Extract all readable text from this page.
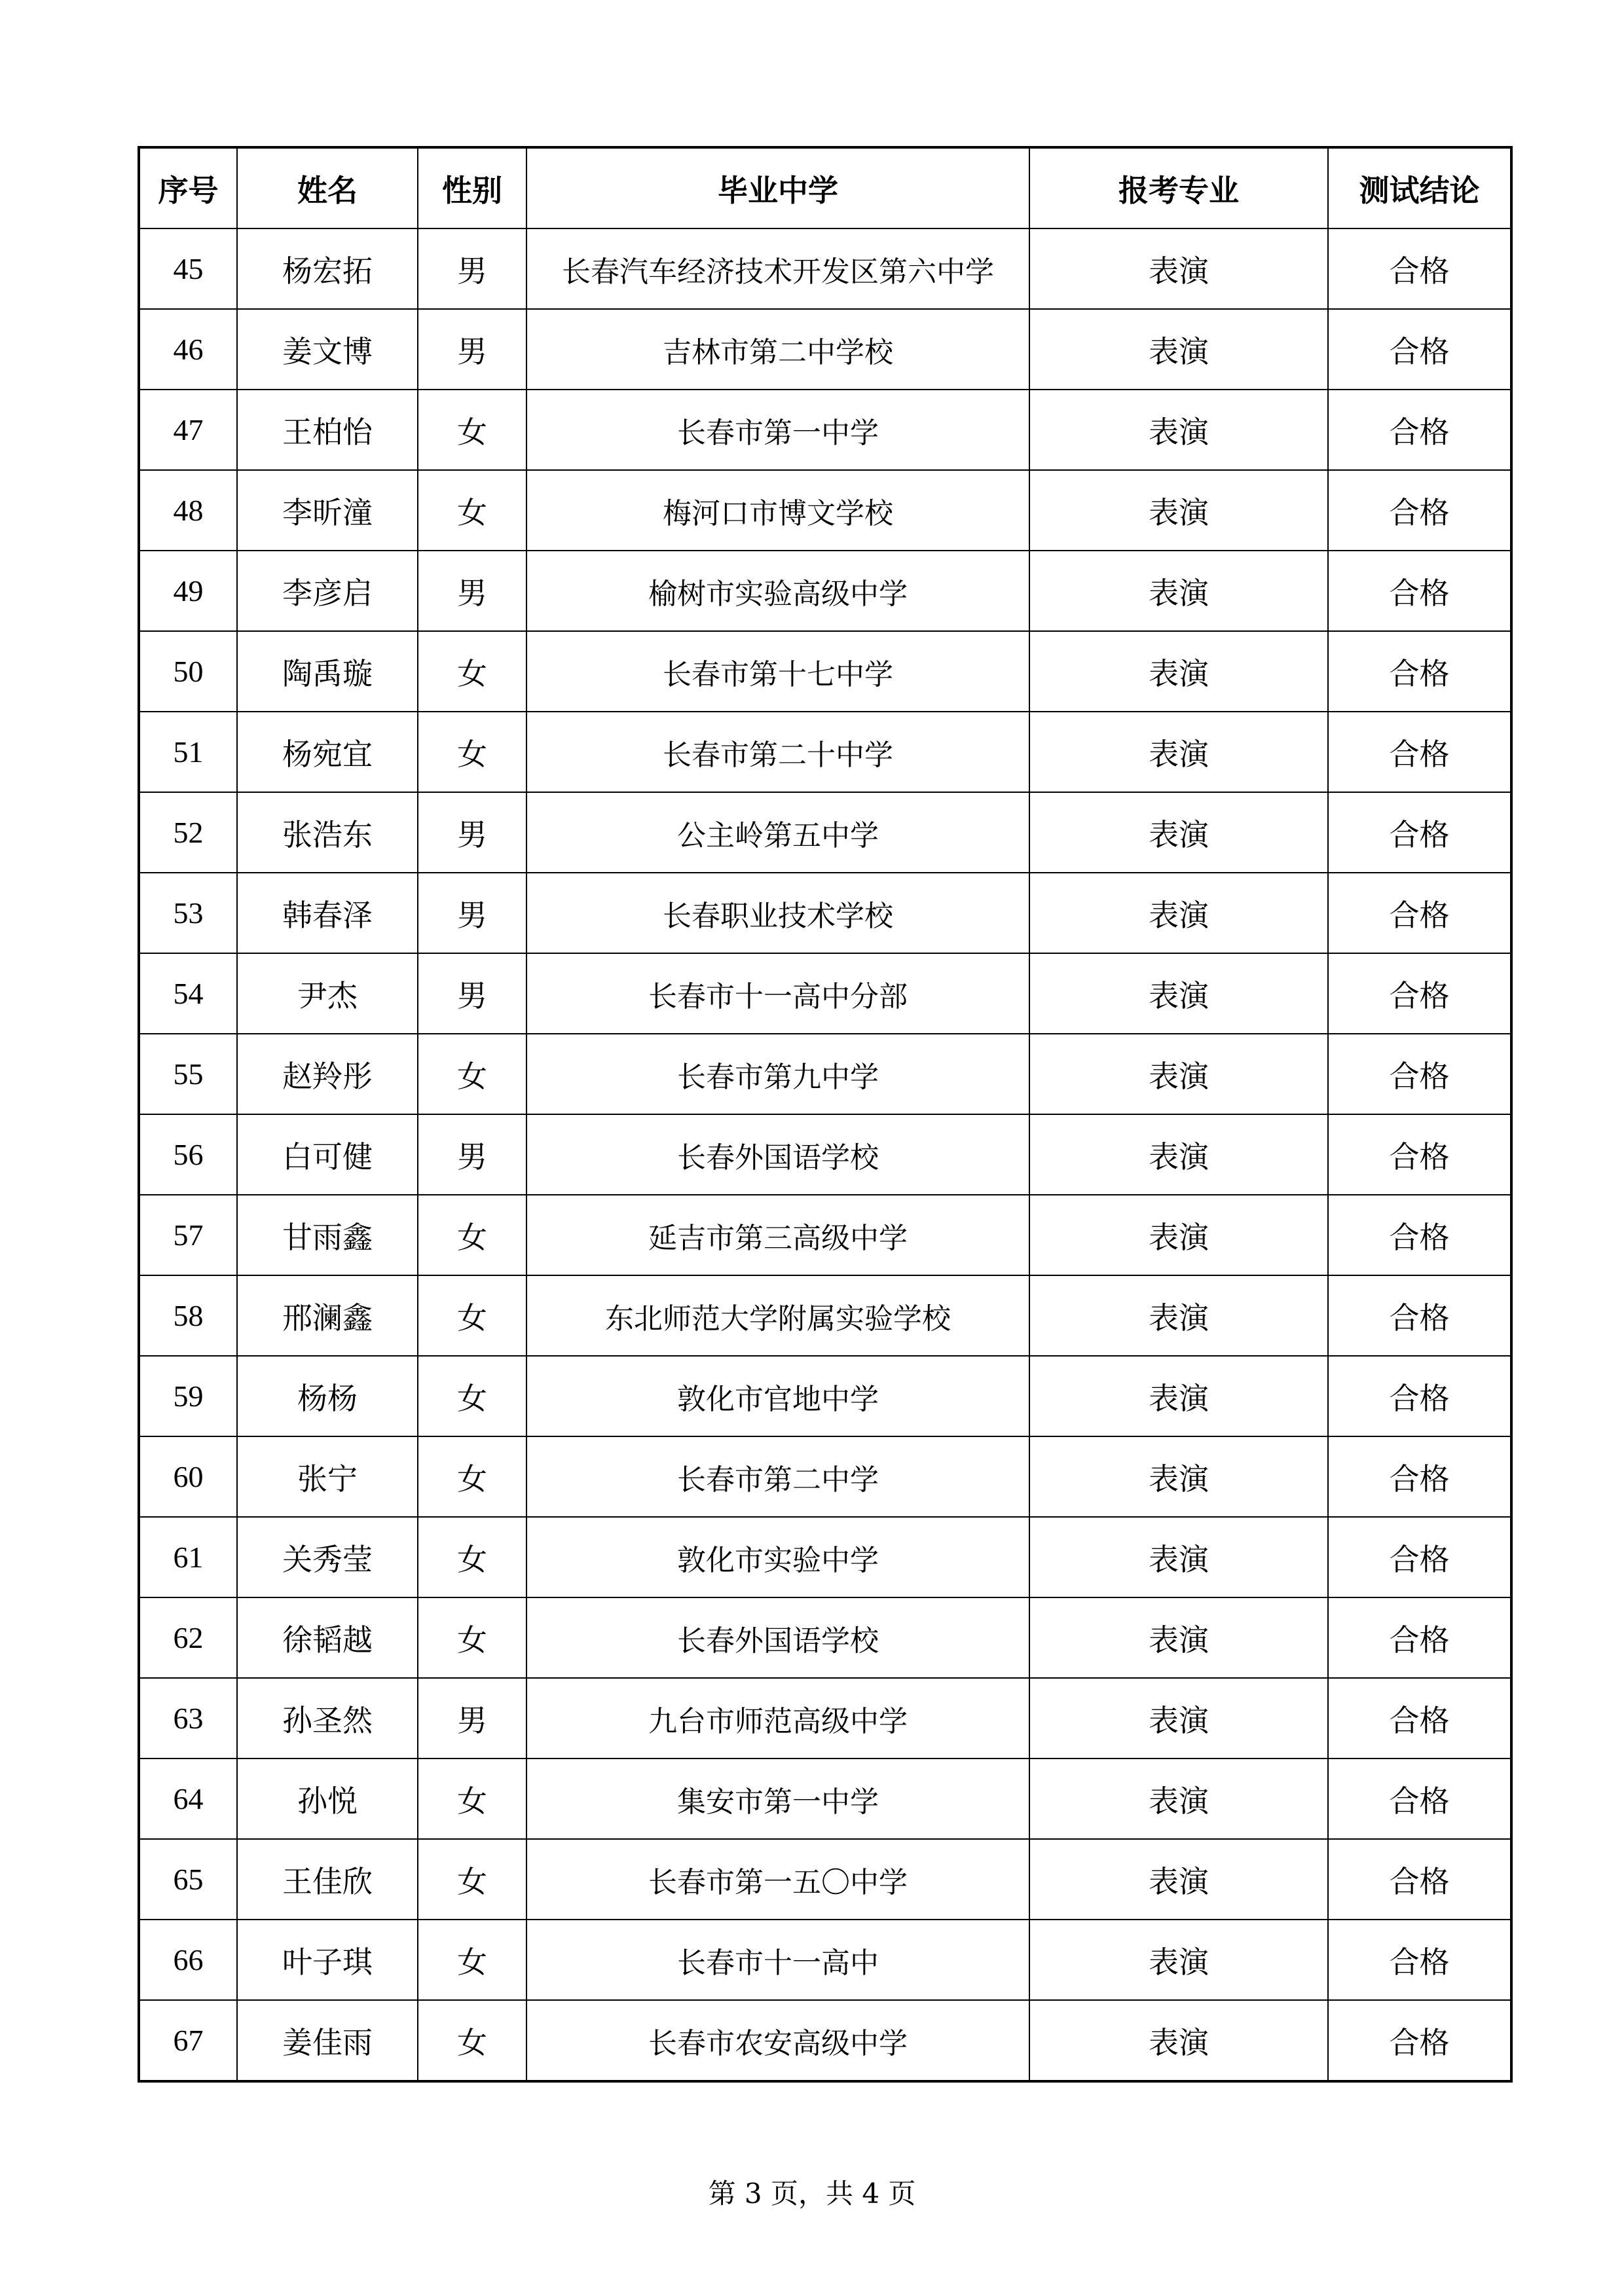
序号	姓名	性别	毕业中学	报考专业	测试结论
45	杨宏拓	男	长春汽车经济技术开发区第六中学	表演	合格
46	姜文博	男	吉林市第二中学校	表演	合格
47	王柏怡	女	长春市第一中学	表演	合格
48	李昕潼	女	梅河口市博文学校	表演	合格
49	李彦启	男	榆树市实验高级中学	表演	合格
50	陶禹璇	女	长春市第十七中学	表演	合格
51	杨宛宜	女	长春市第二十中学	表演	合格
52	张浩东	男	公主岭第五中学	表演	合格
53	韩春泽	男	长春职业技术学校	表演	合格
54	尹杰	男	长春市十一高中分部	表演	合格
55	赵羚彤	女	长春市第九中学	表演	合格
56	白可健	男	长春外国语学校	表演	合格
57	甘雨鑫	女	延吉市第三高级中学	表演	合格
58	邢澜鑫	女	东北师范大学附属实验学校	表演	合格
59	杨杨	女	敦化市官地中学	表演	合格
60	张宁	女	长春市第二中学	表演	合格
61	关秀莹	女	敦化市实验中学	表演	合格
62	徐韬越	女	长春外国语学校	表演	合格
63	孙圣然	男	九台市师范高级中学	表演	合格
64	孙悦	女	集安市第一中学	表演	合格
65	王佳欣	女	长春市第一五〇中学	表演	合格
66	叶子琪	女	长春市十一高中	表演	合格
67	姜佳雨	女	长春市农安高级中学	表演	合格
第 3 页，共 4 页
